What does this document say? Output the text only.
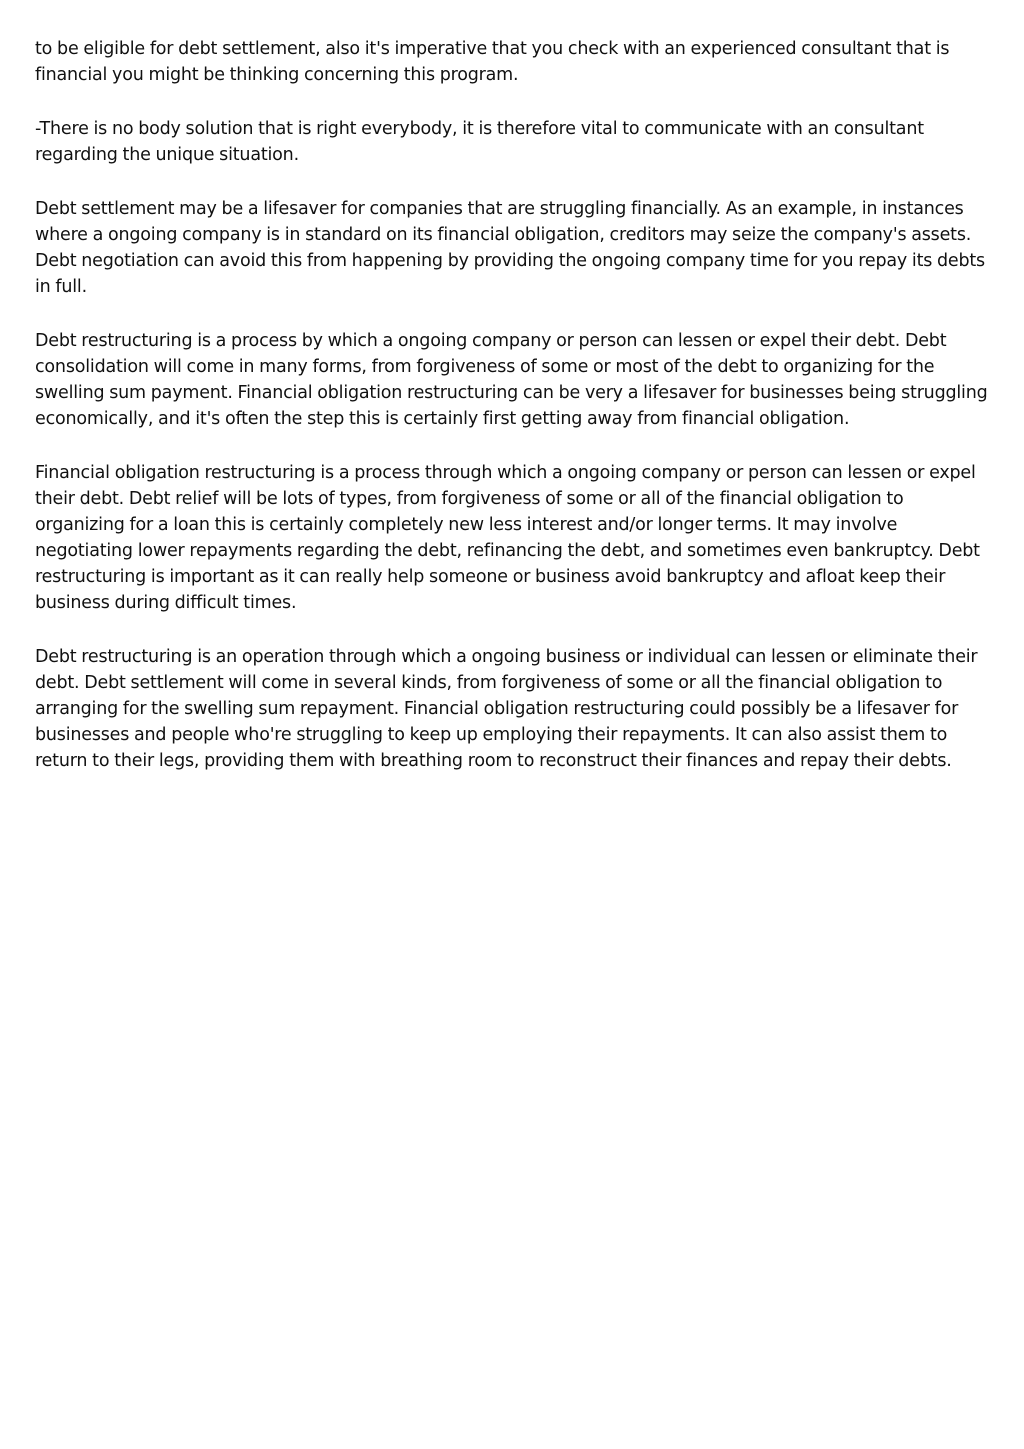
to be eligible for debt settlement, also it's imperative that you check with an experienced consultant that is financial you might be thinking concerning this program.

-There is no body solution that is right everybody, it is therefore vital to communicate with an consultant regarding the unique situation.

Debt settlement may be a lifesaver for companies that are struggling financially. As an example, in instances where a ongoing company is in standard on its financial obligation, creditors may seize the company's assets. Debt negotiation can avoid this from happening by providing the ongoing company time for you repay its debts in full.

Debt restructuring is a process by which a ongoing company or person can lessen or expel their debt. Debt consolidation will come in many forms, from forgiveness of some or most of the debt to organizing for the swelling sum payment. Financial obligation restructuring can be very a lifesaver for businesses being struggling economically, and it's often the step this is certainly first getting away from financial obligation.

Financial obligation restructuring is a process through which a ongoing company or person can lessen or expel their debt. Debt relief will be lots of types, from forgiveness of some or all of the financial obligation to organizing for a loan this is certainly completely new less interest and/or longer terms. It may involve negotiating lower repayments regarding the debt, refinancing the debt, and sometimes even bankruptcy. Debt restructuring is important as it can really help someone or business avoid bankruptcy and afloat keep their business during difficult times.

Debt restructuring is an operation through which a ongoing business or individual can lessen or eliminate their debt. Debt settlement will come in several kinds, from forgiveness of some or all the financial obligation to arranging for the swelling sum repayment. Financial obligation restructuring could possibly be a lifesaver for businesses and people who're struggling to keep up employing their repayments. It can also assist them to return to their legs, providing them with breathing room to reconstruct their finances and repay their debts.
